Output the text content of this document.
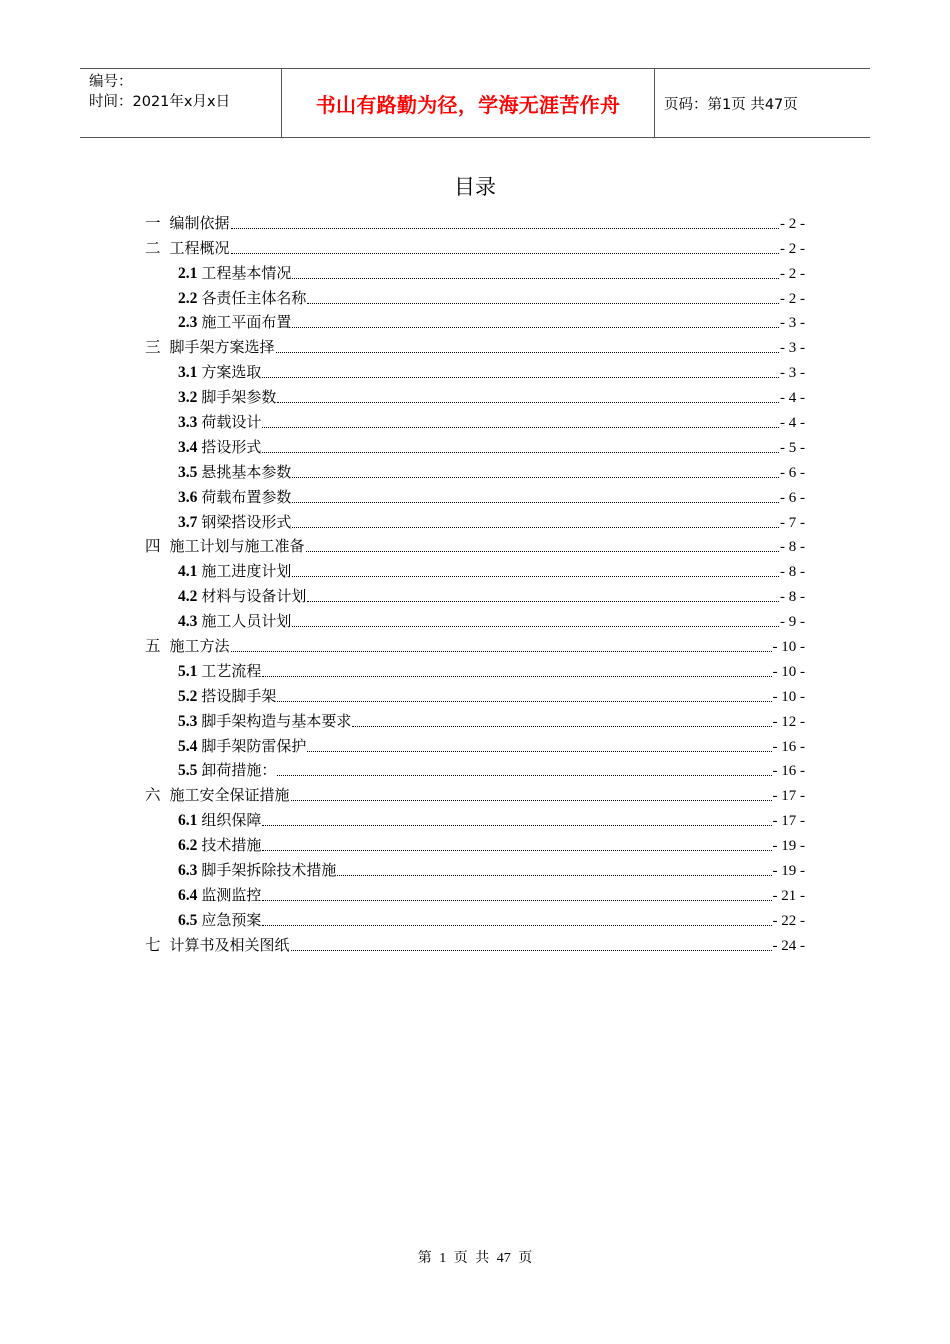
编号：
时间：2021年x月x日	书山有路勤为径，学海无涯苦作舟	页码：第1页 共47页
目录
一 编制依据	- 2 -
二 工程概况	- 2 -
2.1 工程基本情况	- 2 -
2.2 各责任主体名称	- 2 -
2.3 施工平面布置	- 3 -
三 脚手架方案选择	- 3 -
3.1 方案选取	- 3 -
3.2 脚手架参数	- 4 -
3.3 荷载设计	- 4 -
3.4 搭设形式	- 5 -
3.5 悬挑基本参数	- 6 -
3.6 荷载布置参数	- 6 -
3.7 钢梁搭设形式	- 7 -
四 施工计划与施工准备	- 8 -
4.1 施工进度计划	- 8 -
4.2 材料与设备计划	- 8 -
4.3 施工人员计划	- 9 -
五 施工方法	- 10 -
5.1 工艺流程	- 10 -
5.2 搭设脚手架	- 10 -
5.3 脚手架构造与基本要求	- 12 -
5.4 脚手架防雷保护	- 16 -
5.5 卸荷措施：	- 16 -
六 施工安全保证措施	- 17 -
6.1 组织保障	- 17 -
6.2 技术措施	- 19 -
6.3 脚手架拆除技术措施	- 19 -
6.4 监测监控	- 21 -
6.5 应急预案	- 22 -
七 计算书及相关图纸	- 24 -
第 1 页 共 47 页
